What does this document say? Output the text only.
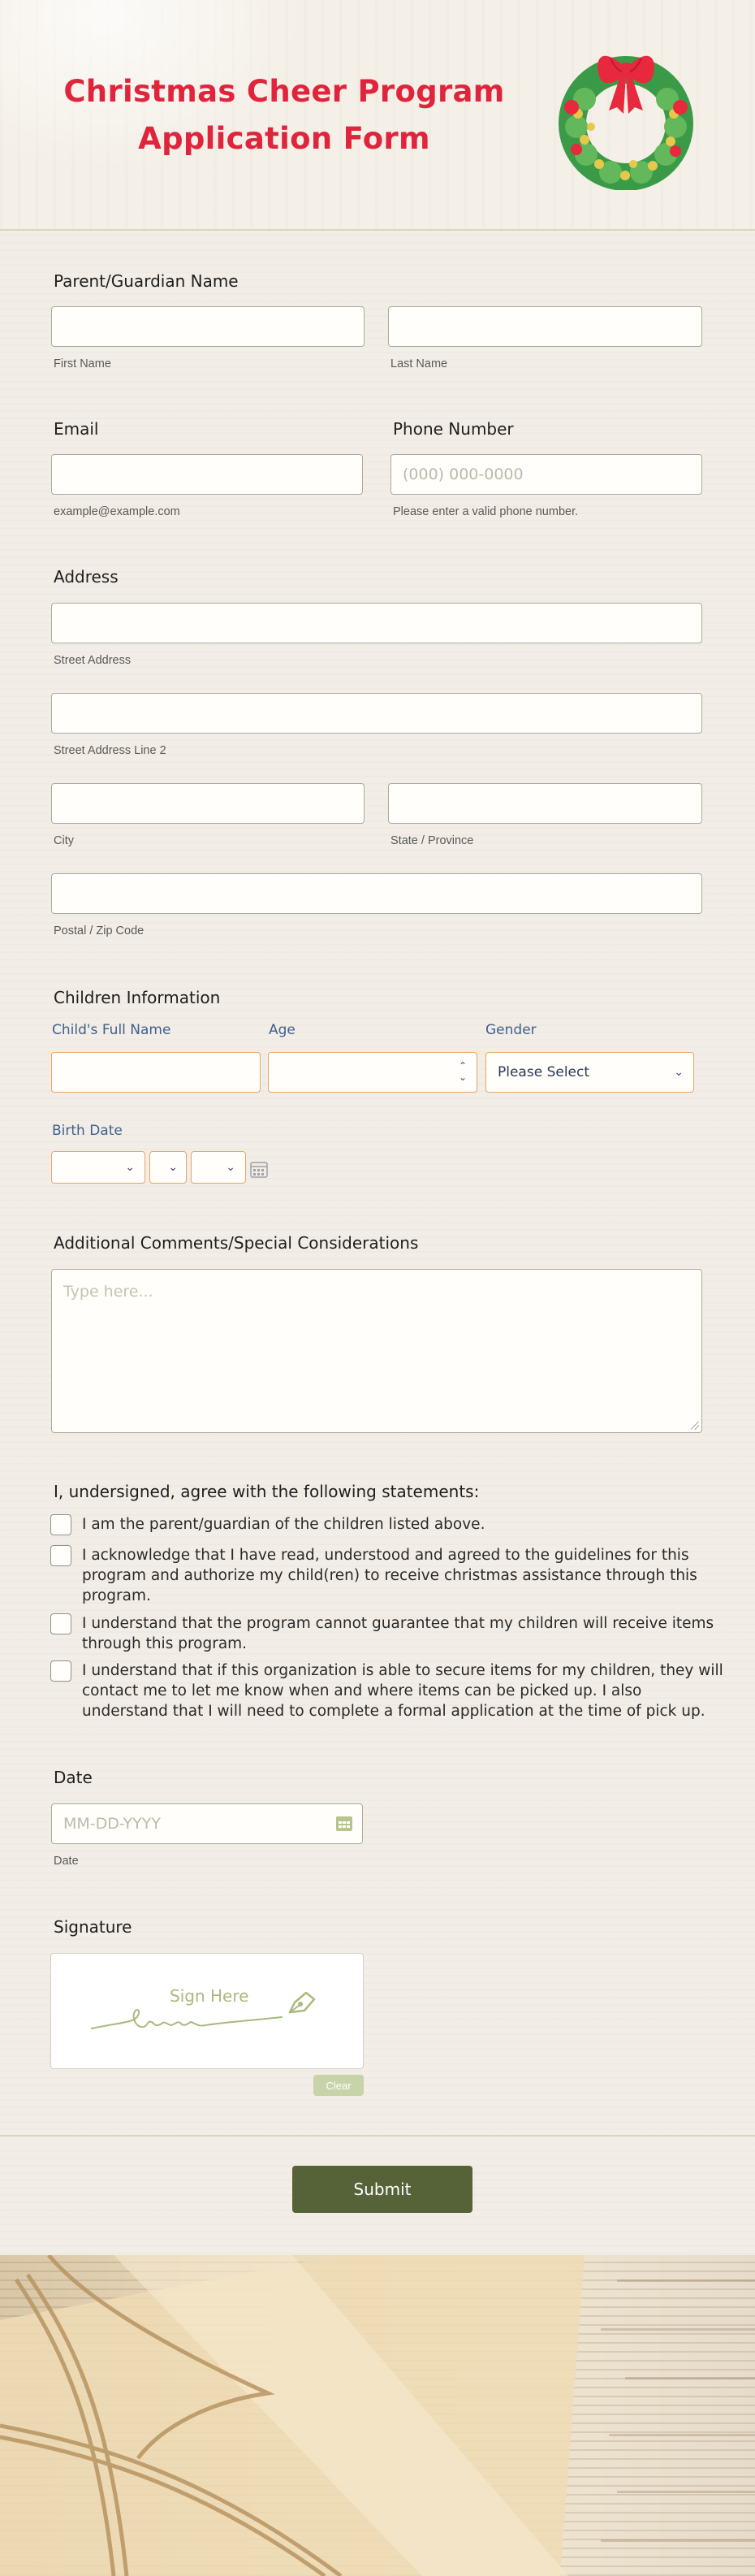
Christmas Cheer Program
Application Form
Parent/Guardian Name
First Name	Last Name
Email	Phone Number
(000) 000-0000
example@example.com	Please enter a valid phone number.
Address
Street Address
Street Address Line 2
City	State / Province
Postal / Zip Code
Children Information
Child's Full Name	Age	Gender
⌃
⌄ Please Select	⌄
Birth Date
⌄	⌄	⌄
Additional Comments/Special Considerations
Type here...
I, undersigned, agree with the following statements:
I am the parent/guardian of the children listed above.
I acknowledge that I have read, understood and agreed to the guidelines for this program and authorize my child(ren) to receive christmas assistance through this program.
I understand that the program cannot guarantee that my children will receive items through this program.
I understand that if this organization is able to secure items for my children, they will contact me to let me know when and where items can be picked up. I also understand that I will need to complete a formal application at the time of pick up.
Date
MM-DD-YYYY
Date
Signature
Sign Here
Clear
Submit
